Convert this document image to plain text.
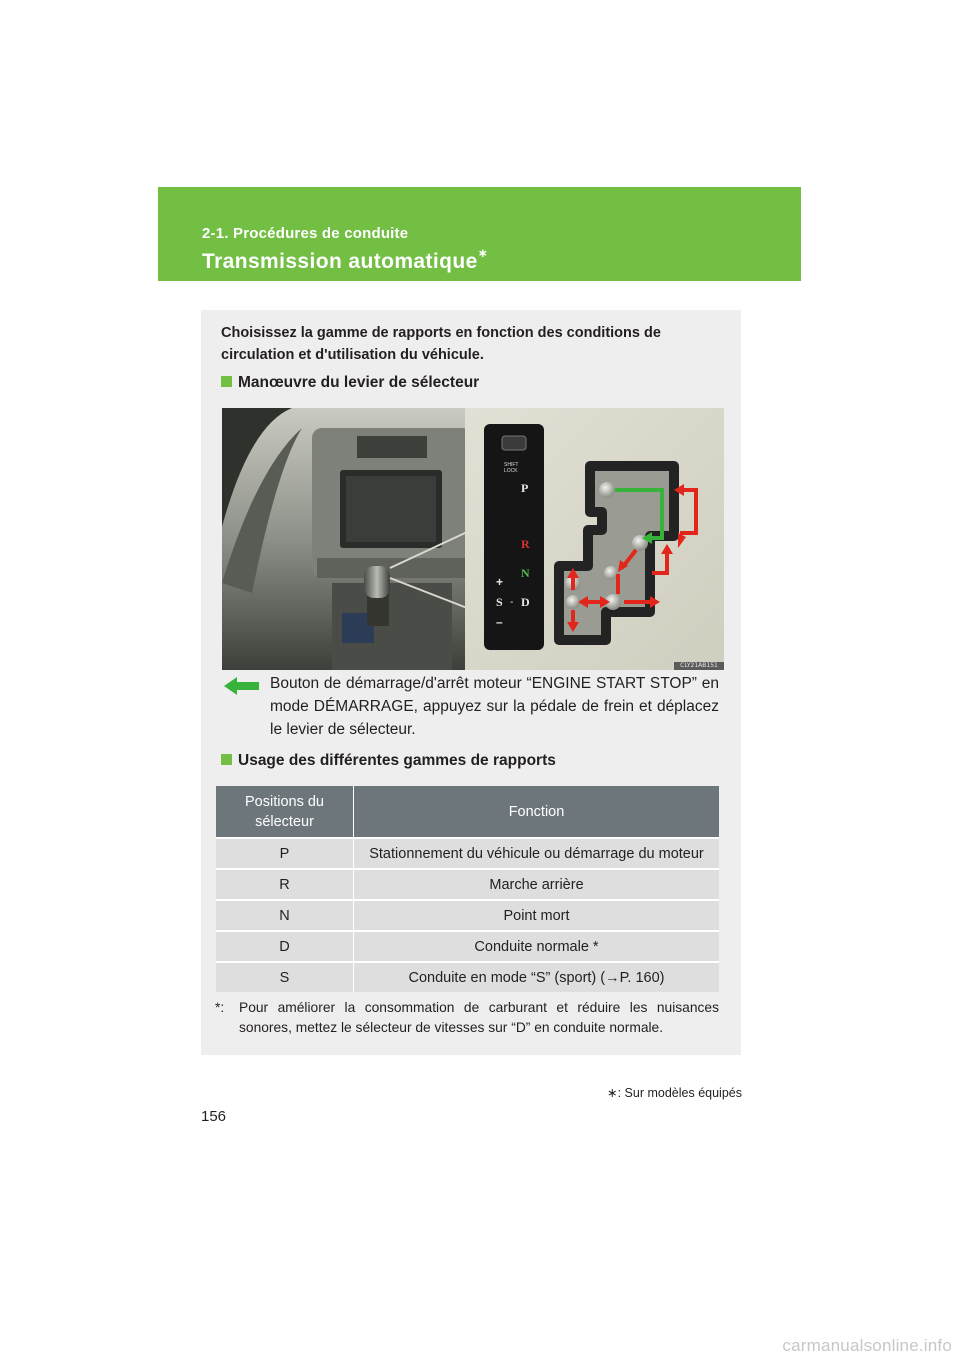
2-1. Procédures de conduite
Transmission automatique∗

Choisissez la gamme de rapports en fonction des conditions de circulation et d'utilisation du véhicule.

Manœuvre du levier de sélecteur

SHIFT LOCK
P
R
N
D
S
+
-
–
CLY21AB151

Bouton de démarrage/d'arrêt moteur “ENGINE START STOP” en mode DÉMARRAGE, appuyez sur la pédale de frein et déplacez le levier de sélecteur.

Usage des différentes gammes de rapports

Positions du sélecteur	Fonction
P	Stationnement du véhicule ou démarrage du moteur
R	Marche arrière
N	Point mort
D	Conduite normale *
S	Conduite en mode “S” (sport) (→P. 160)
*:	Pour améliorer la consommation de carburant et réduire les nuisances sonores, mettez le sélecteur de vitesses sur “D” en conduite normale.
∗: Sur modèles équipés
156
carmanualsonline.info
